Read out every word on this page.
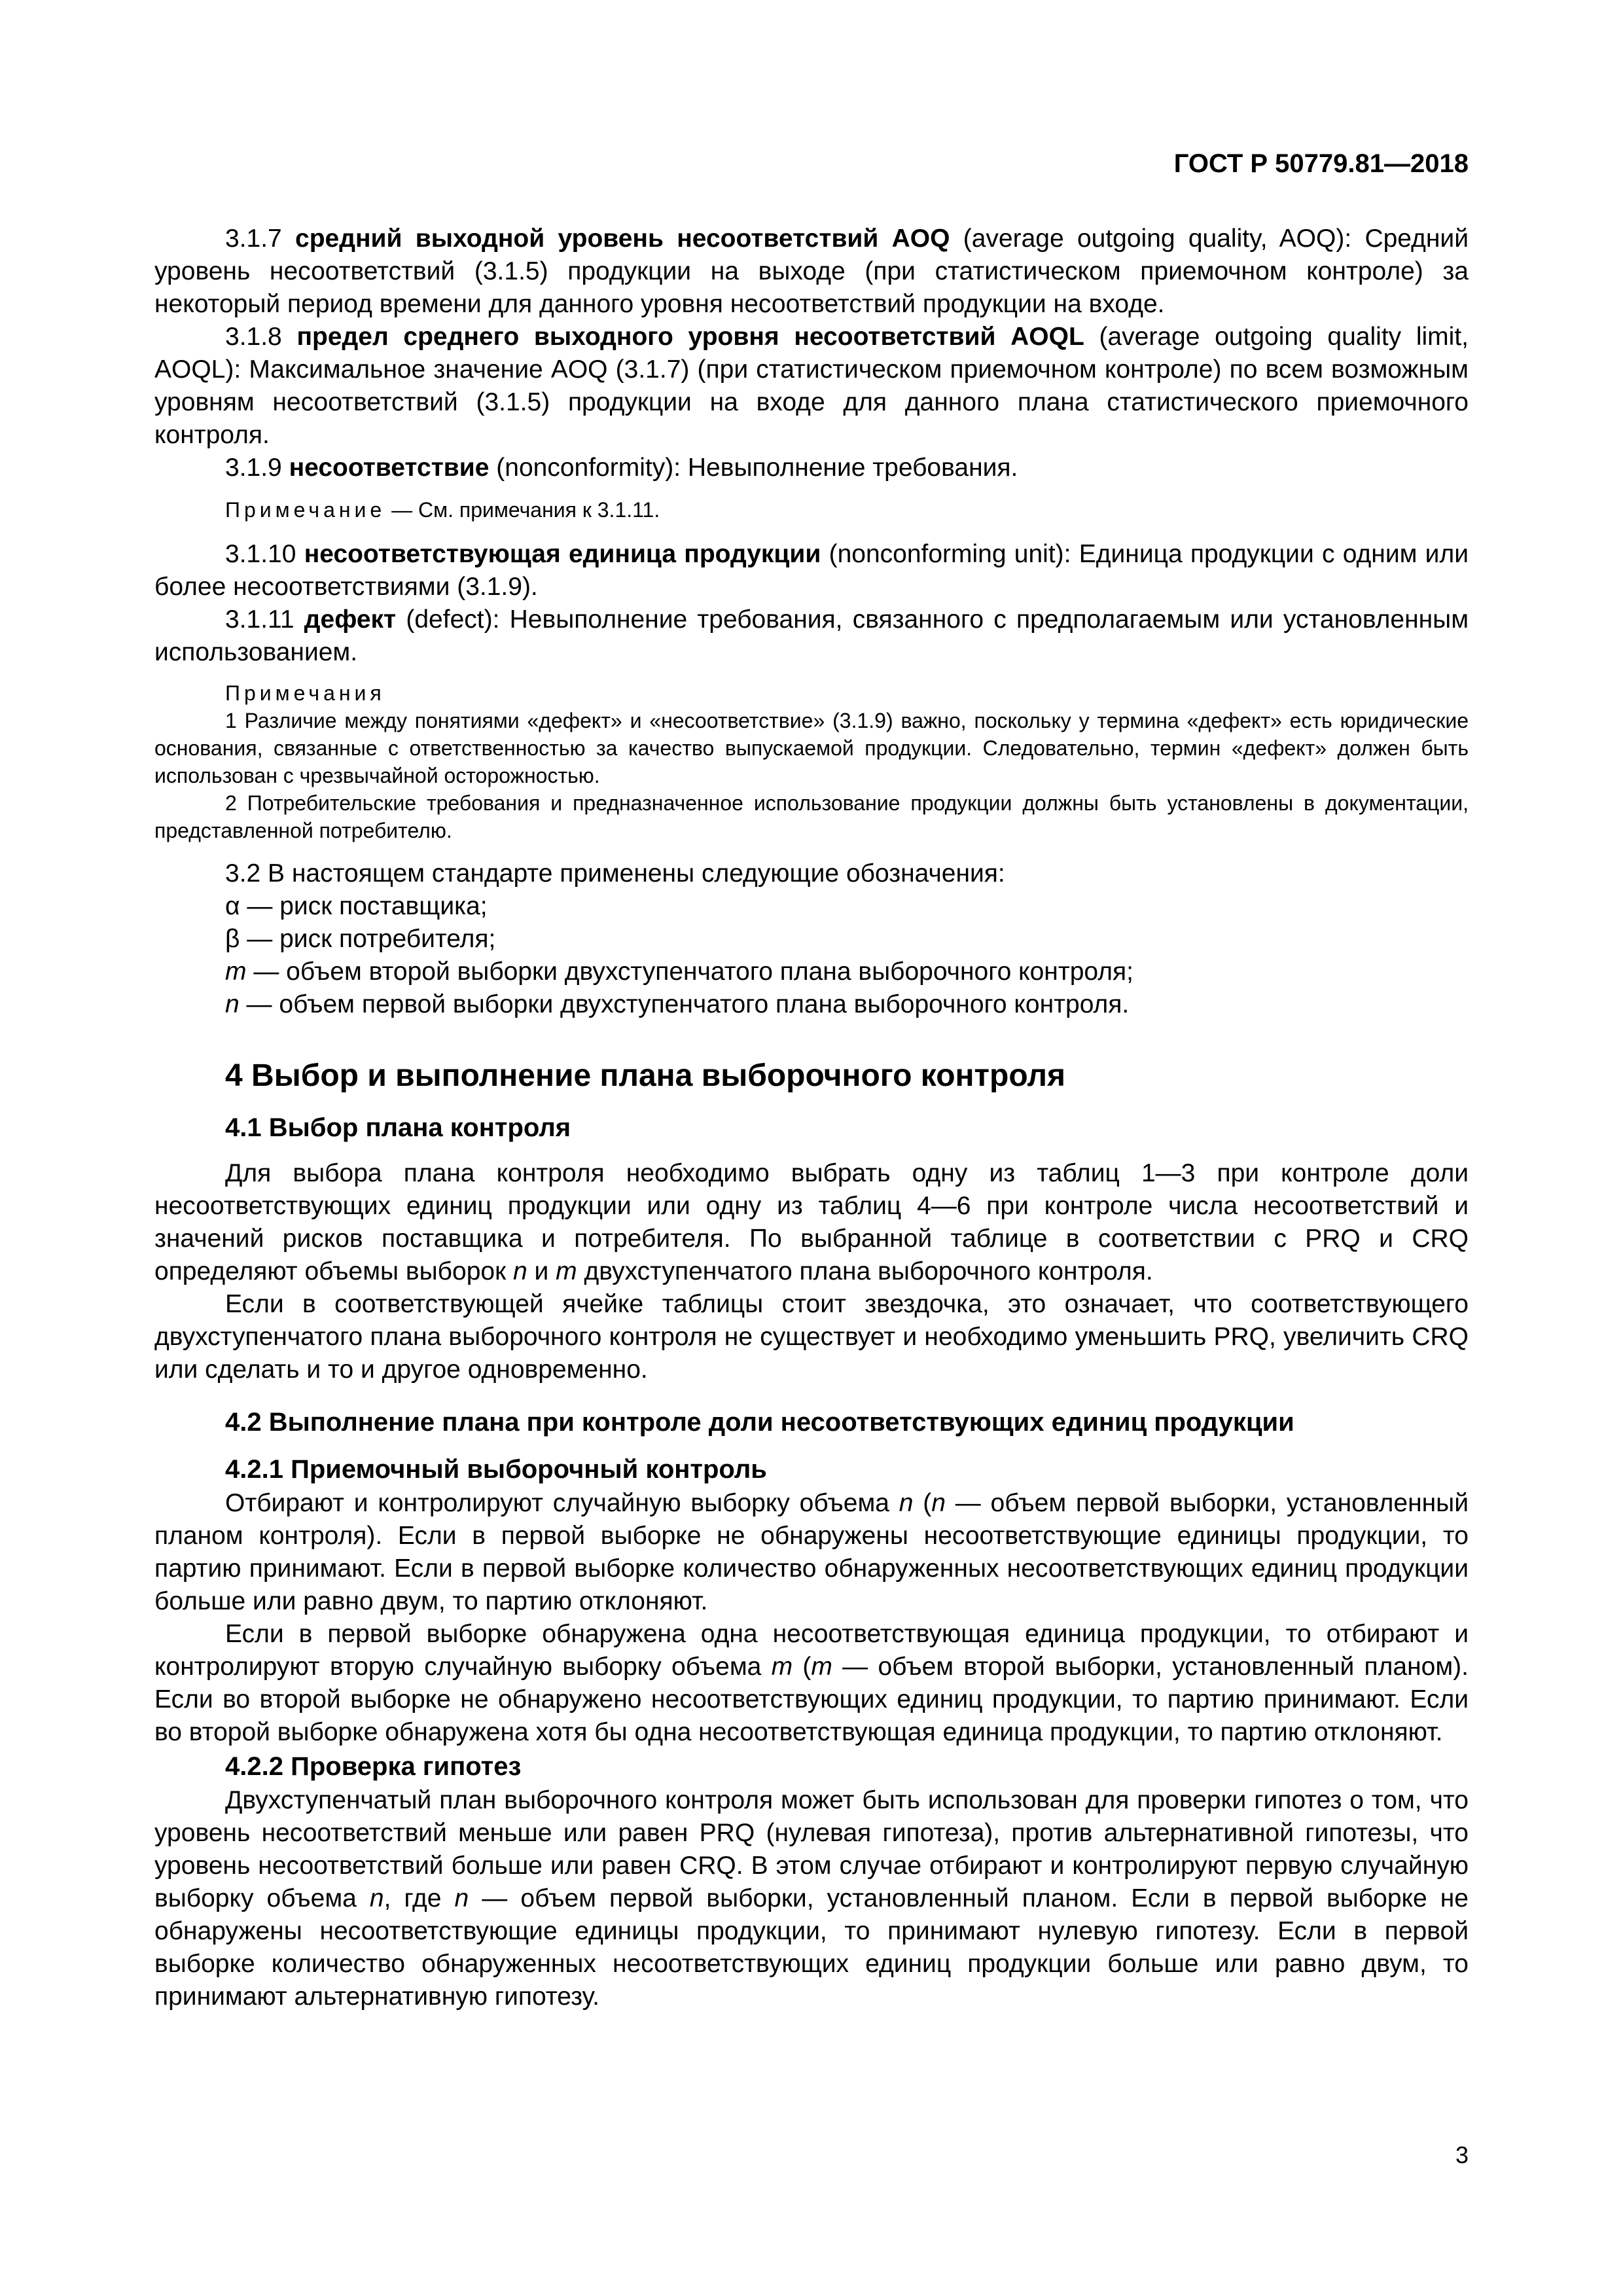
ГОСТ Р 50779.81—2018

3.1.7 средний выходной уровень несоответствий AOQ (average outgoing quality, AOQ): Средний уровень несоответствий (3.1.5) продукции на выходе (при статистическом приемочном контроле) за некоторый период времени для данного уровня несоответствий продукции на входе.

3.1.8 предел среднего выходного уровня несоответствий AOQL (average outgoing quality limit, AOQL): Максимальное значение AOQ (3.1.7) (при статистическом приемочном контроле) по всем возможным уровням несоответствий (3.1.5) продукции на входе для данного плана статистического приемочного контроля.

3.1.9 несоответствие (nonconformity): Невыполнение требования.

Примечание — См. примечания к 3.1.11.

3.1.10 несоответствующая единица продукции (nonconforming unit): Единица продукции с одним или более несоответствиями (3.1.9).

3.1.11 дефект (defect): Невыполнение требования, связанного с предполагаемым или установленным использованием.

Примечания

1 Различие между понятиями «дефект» и «несоответствие» (3.1.9) важно, поскольку у термина «дефект» есть юридические основания, связанные с ответственностью за качество выпускаемой продукции. Следовательно, термин «дефект» должен быть использован с чрезвычайной осторожностью.

2 Потребительские требования и предназначенное использование продукции должны быть установлены в документации, представленной потребителю.

3.2 В настоящем стандарте применены следующие обозначения:

α — риск поставщика;

β — риск потребителя;

m — объем второй выборки двухступенчатого плана выборочного контроля;

n — объем первой выборки двухступенчатого плана выборочного контроля.

4 Выбор и выполнение плана выборочного контроля
4.1 Выбор плана контроля

Для выбора плана контроля необходимо выбрать одну из таблиц 1—3 при контроле доли несоответствующих единиц продукции или одну из таблиц 4—6 при контроле числа несоответствий и значений рисков поставщика и потребителя. По выбранной таблице в соответствии с PRQ и CRQ определяют объемы выборок n и m двухступенчатого плана выборочного контроля.

Если в соответствующей ячейке таблицы стоит звездочка, это означает, что соответствующего двухступенчатого плана выборочного контроля не существует и необходимо уменьшить PRQ, увеличить CRQ или сделать и то и другое одновременно.

4.2 Выполнение плана при контроле доли несоответствующих единиц продукции
4.2.1 Приемочный выборочный контроль

Отбирают и контролируют случайную выборку объема n (n — объем первой выборки, установленный планом контроля). Если в первой выборке не обнаружены несоответствующие единицы продукции, то партию принимают. Если в первой выборке количество обнаруженных несоответствующих единиц продукции больше или равно двум, то партию отклоняют.

Если в первой выборке обнаружена одна несоответствующая единица продукции, то отбирают и контролируют вторую случайную выборку объема m (m — объем второй выборки, установленный планом). Если во второй выборке не обнаружено несоответствующих единиц продукции, то партию принимают. Если во второй выборке обнаружена хотя бы одна несоответствующая единица продукции, то партию отклоняют.

4.2.2 Проверка гипотез

Двухступенчатый план выборочного контроля может быть использован для проверки гипотез о том, что уровень несоответствий меньше или равен PRQ (нулевая гипотеза), против альтернативной гипотезы, что уровень несоответствий больше или равен CRQ. В этом случае отбирают и контролируют первую случайную выборку объема n, где n — объем первой выборки, установленный планом. Если в первой выборке не обнаружены несоответствующие единицы продукции, то принимают нулевую гипотезу. Если в первой выборке количество обнаруженных несоответствующих единиц продукции больше или равно двум, то принимают альтернативную гипотезу.

3
